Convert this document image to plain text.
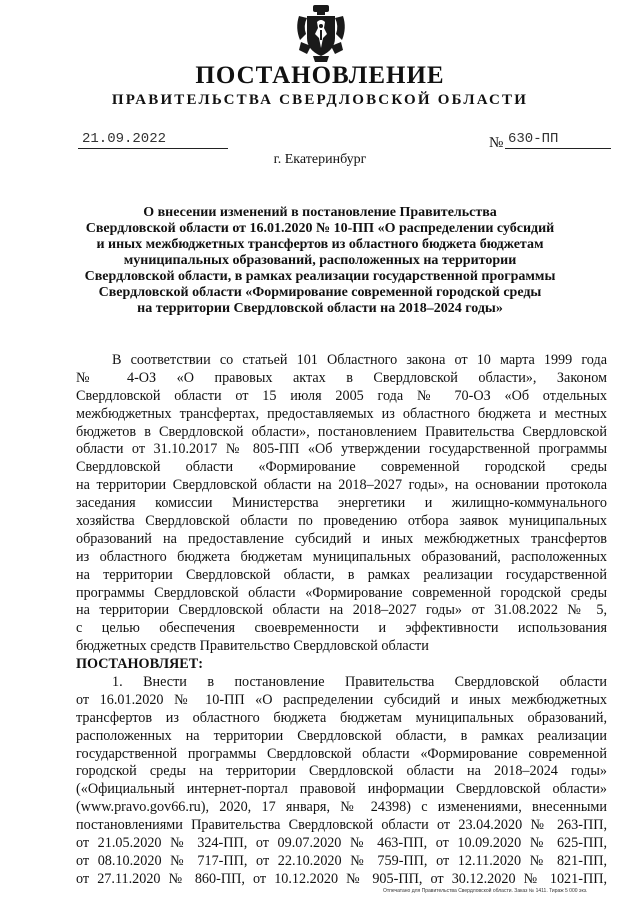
ПОСТАНОВЛЕНИЕ
ПРАВИТЕЛЬСТВА СВЕРДЛОВСКОЙ ОБЛАСТИ
21.09.2022	№ 630-ПП
г. Екатеринбург

О внесении изменений в постановление Правительства
Свердловской области от 16.01.2020 № 10-ПП «О распределении субсидий
и иных межбюджетных трансфертов из областного бюджета бюджетам
муниципальных образований, расположенных на территории
Свердловской области, в рамках реализации государственной программы
Свердловской области «Формирование современной городской среды
на территории Свердловской области на 2018–2024 годы»

В соответствии со статьей 101 Областного закона от 10 марта 1999 года
№ 4-ОЗ «О правовых актах в Свердловской области», Законом
Свердловской области от 15 июля 2005 года № 70-ОЗ «Об отдельных
межбюджетных трансфертах, предоставляемых из областного бюджета и местных
бюджетов в Свердловской области», постановлением Правительства Свердловской
области от 31.10.2017 № 805-ПП «Об утверждении государственной программы
Свердловской области «Формирование современной городской среды
на территории Свердловской области на 2018–2027 годы», на основании протокола
заседания комиссии Министерства энергетики и жилищно-коммунального
хозяйства Свердловской области по проведению отбора заявок муниципальных
образований на предоставление субсидий и иных межбюджетных трансфертов
из областного бюджета бюджетам муниципальных образований, расположенных
на территории Свердловской области, в рамках реализации государственной
программы Свердловской области «Формирование современной городской среды
на территории Свердловской области на 2018–2027 годы» от 31.08.2022 № 5,
с целью обеспечения своевременности и эффективности использования
бюджетных средств Правительство Свердловской области
ПОСТАНОВЛЯЕТ:
1. Внести в постановление Правительства Свердловской области
от 16.01.2020 № 10-ПП «О распределении субсидий и иных межбюджетных
трансфертов из областного бюджета бюджетам муниципальных образований,
расположенных на территории Свердловской области, в рамках реализации
государственной программы Свердловской области «Формирование современной
городской среды на территории Свердловской области на 2018–2024 годы»
(«Официальный интернет-портал правовой информации Свердловской области»
(www.pravo.gov66.ru), 2020, 17 января, № 24398) с изменениями, внесенными
постановлениями Правительства Свердловской области от 23.04.2020 № 263-ПП,
от 21.05.2020 № 324-ПП, от 09.07.2020 № 463-ПП, от 10.09.2020 № 625-ПП,
от 08.10.2020 № 717-ПП, от 22.10.2020 № 759-ПП, от 12.11.2020 № 821-ПП,
от 27.11.2020 № 860-ПП, от 10.12.2020 № 905-ПП, от 30.12.2020 № 1021-ПП,
Отпечатано для Правительства Свердловской области. Заказ № 1411. Тираж 5 000 экз.
